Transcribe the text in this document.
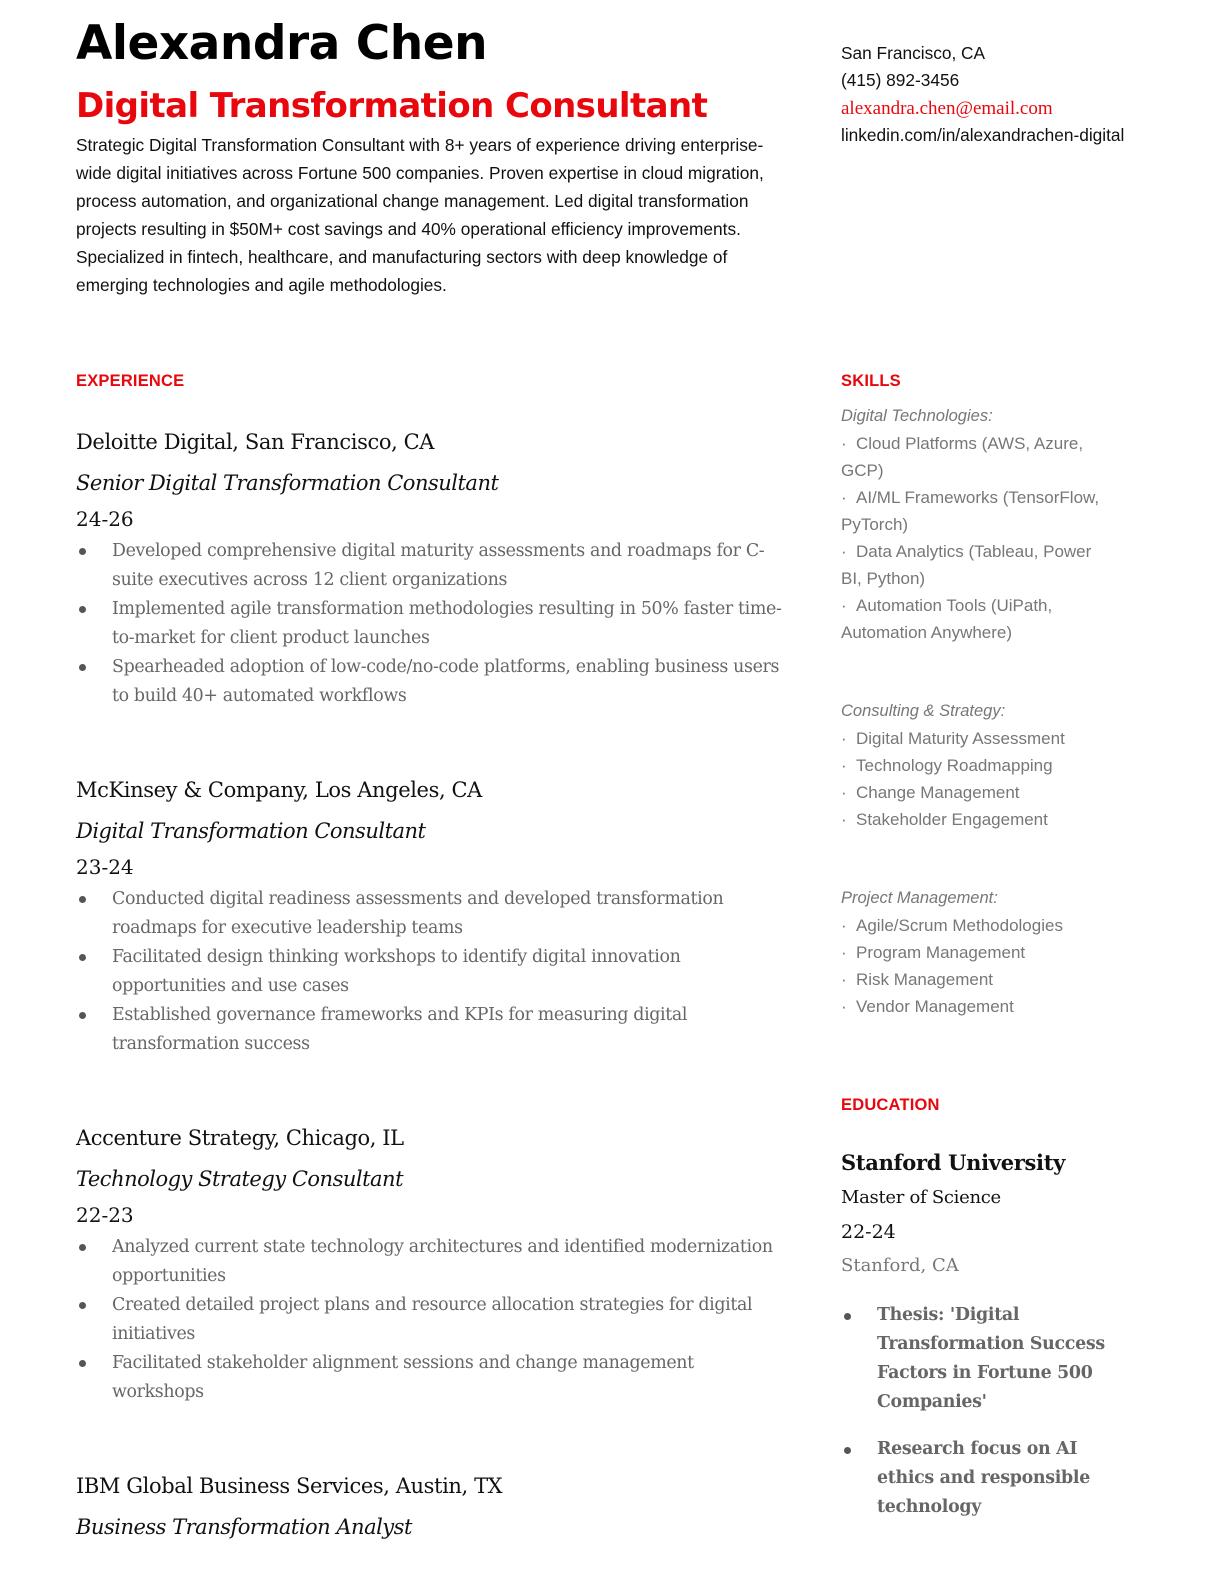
Alexandra Chen
Digital Transformation Consultant

Strategic Digital Transformation Consultant with 8+ years of experience driving enterprise-wide digital initiatives across Fortune 500 companies. Proven expertise in cloud migration, process automation, and organizational change management. Led digital transformation projects resulting in $50M+ cost savings and 40% operational efficiency improvements. Specialized in fintech, healthcare, and manufacturing sectors with deep knowledge of emerging technologies and agile methodologies.

EXPERIENCE
Deloitte Digital, San Francisco, CA
Senior Digital Transformation Consultant
24-26
Developed comprehensive digital maturity assessments and roadmaps for C-suite executives across 12 client organizations
Implemented agile transformation methodologies resulting in 50% faster time-to-market for client product launches
Spearheaded adoption of low-code/no-code platforms, enabling business users to build 40+ automated workflows
McKinsey & Company, Los Angeles, CA
Digital Transformation Consultant
23-24
Conducted digital readiness assessments and developed transformation roadmaps for executive leadership teams
Facilitated design thinking workshops to identify digital innovation opportunities and use cases
Established governance frameworks and KPIs for measuring digital transformation success
Accenture Strategy, Chicago, IL
Technology Strategy Consultant
22-23
Analyzed current state technology architectures and identified modernization opportunities
Created detailed project plans and resource allocation strategies for digital initiatives
Facilitated stakeholder alignment sessions and change management workshops
IBM Global Business Services, Austin, TX
Business Transformation Analyst
San Francisco, CA
(415) 892-3456
alexandra.chen@email.com
linkedin.com/in/alexandrachen-digital
SKILLS
Digital Technologies:
· Cloud Platforms (AWS, Azure, GCP)
· AI/ML Frameworks (TensorFlow, PyTorch)
· Data Analytics (Tableau, Power BI, Python)
· Automation Tools (UiPath, Automation Anywhere)
Consulting & Strategy:
· Digital Maturity Assessment
· Technology Roadmapping
· Change Management
· Stakeholder Engagement
Project Management:
· Agile/Scrum Methodologies
· Program Management
· Risk Management
· Vendor Management
EDUCATION
Stanford University
Master of Science
22-24
Stanford, CA
Thesis: 'Digital Transformation Success Factors in Fortune 500 Companies'
Research focus on AI ethics and responsible technology
